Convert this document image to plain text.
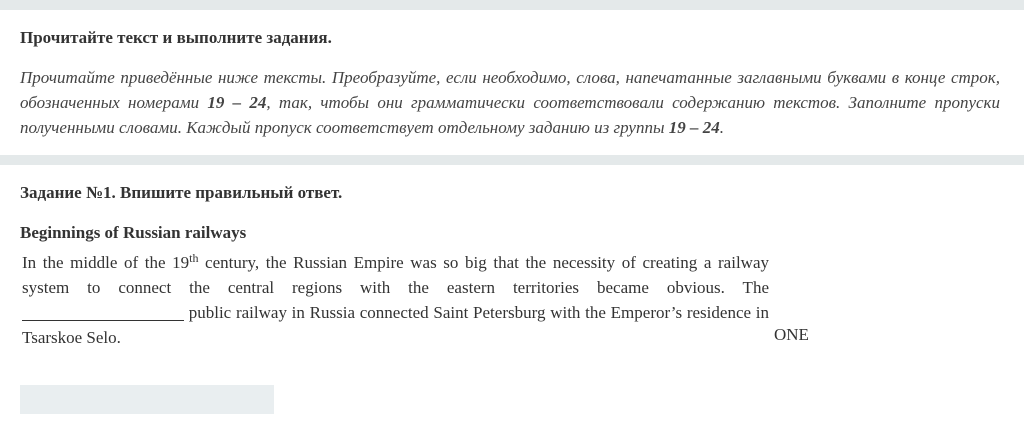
Прочитайте текст и выполните задания.
Прочитайте приведённые ниже тексты. Преобразуйте, если необходимо, слова, напечатанные заглавными буквами в конце строк, обозначенных номерами 19 – 24, так, чтобы они грамматически соответствовали содержанию текстов. Заполните пропуски полученными словами. Каждый пропуск соответствует отдельному заданию из группы 19 – 24.
Задание №1. Впишите правильный ответ.
Beginnings of Russian railways
In the middle of the 19th century, the Russian Empire was so big that the necessity of creating a railway system to connect the central regions with the eastern territories became obvious. The  public railway in Russia connected Saint Petersburg with the Emperor’s residence in Tsarskoe Selo.	ONE
